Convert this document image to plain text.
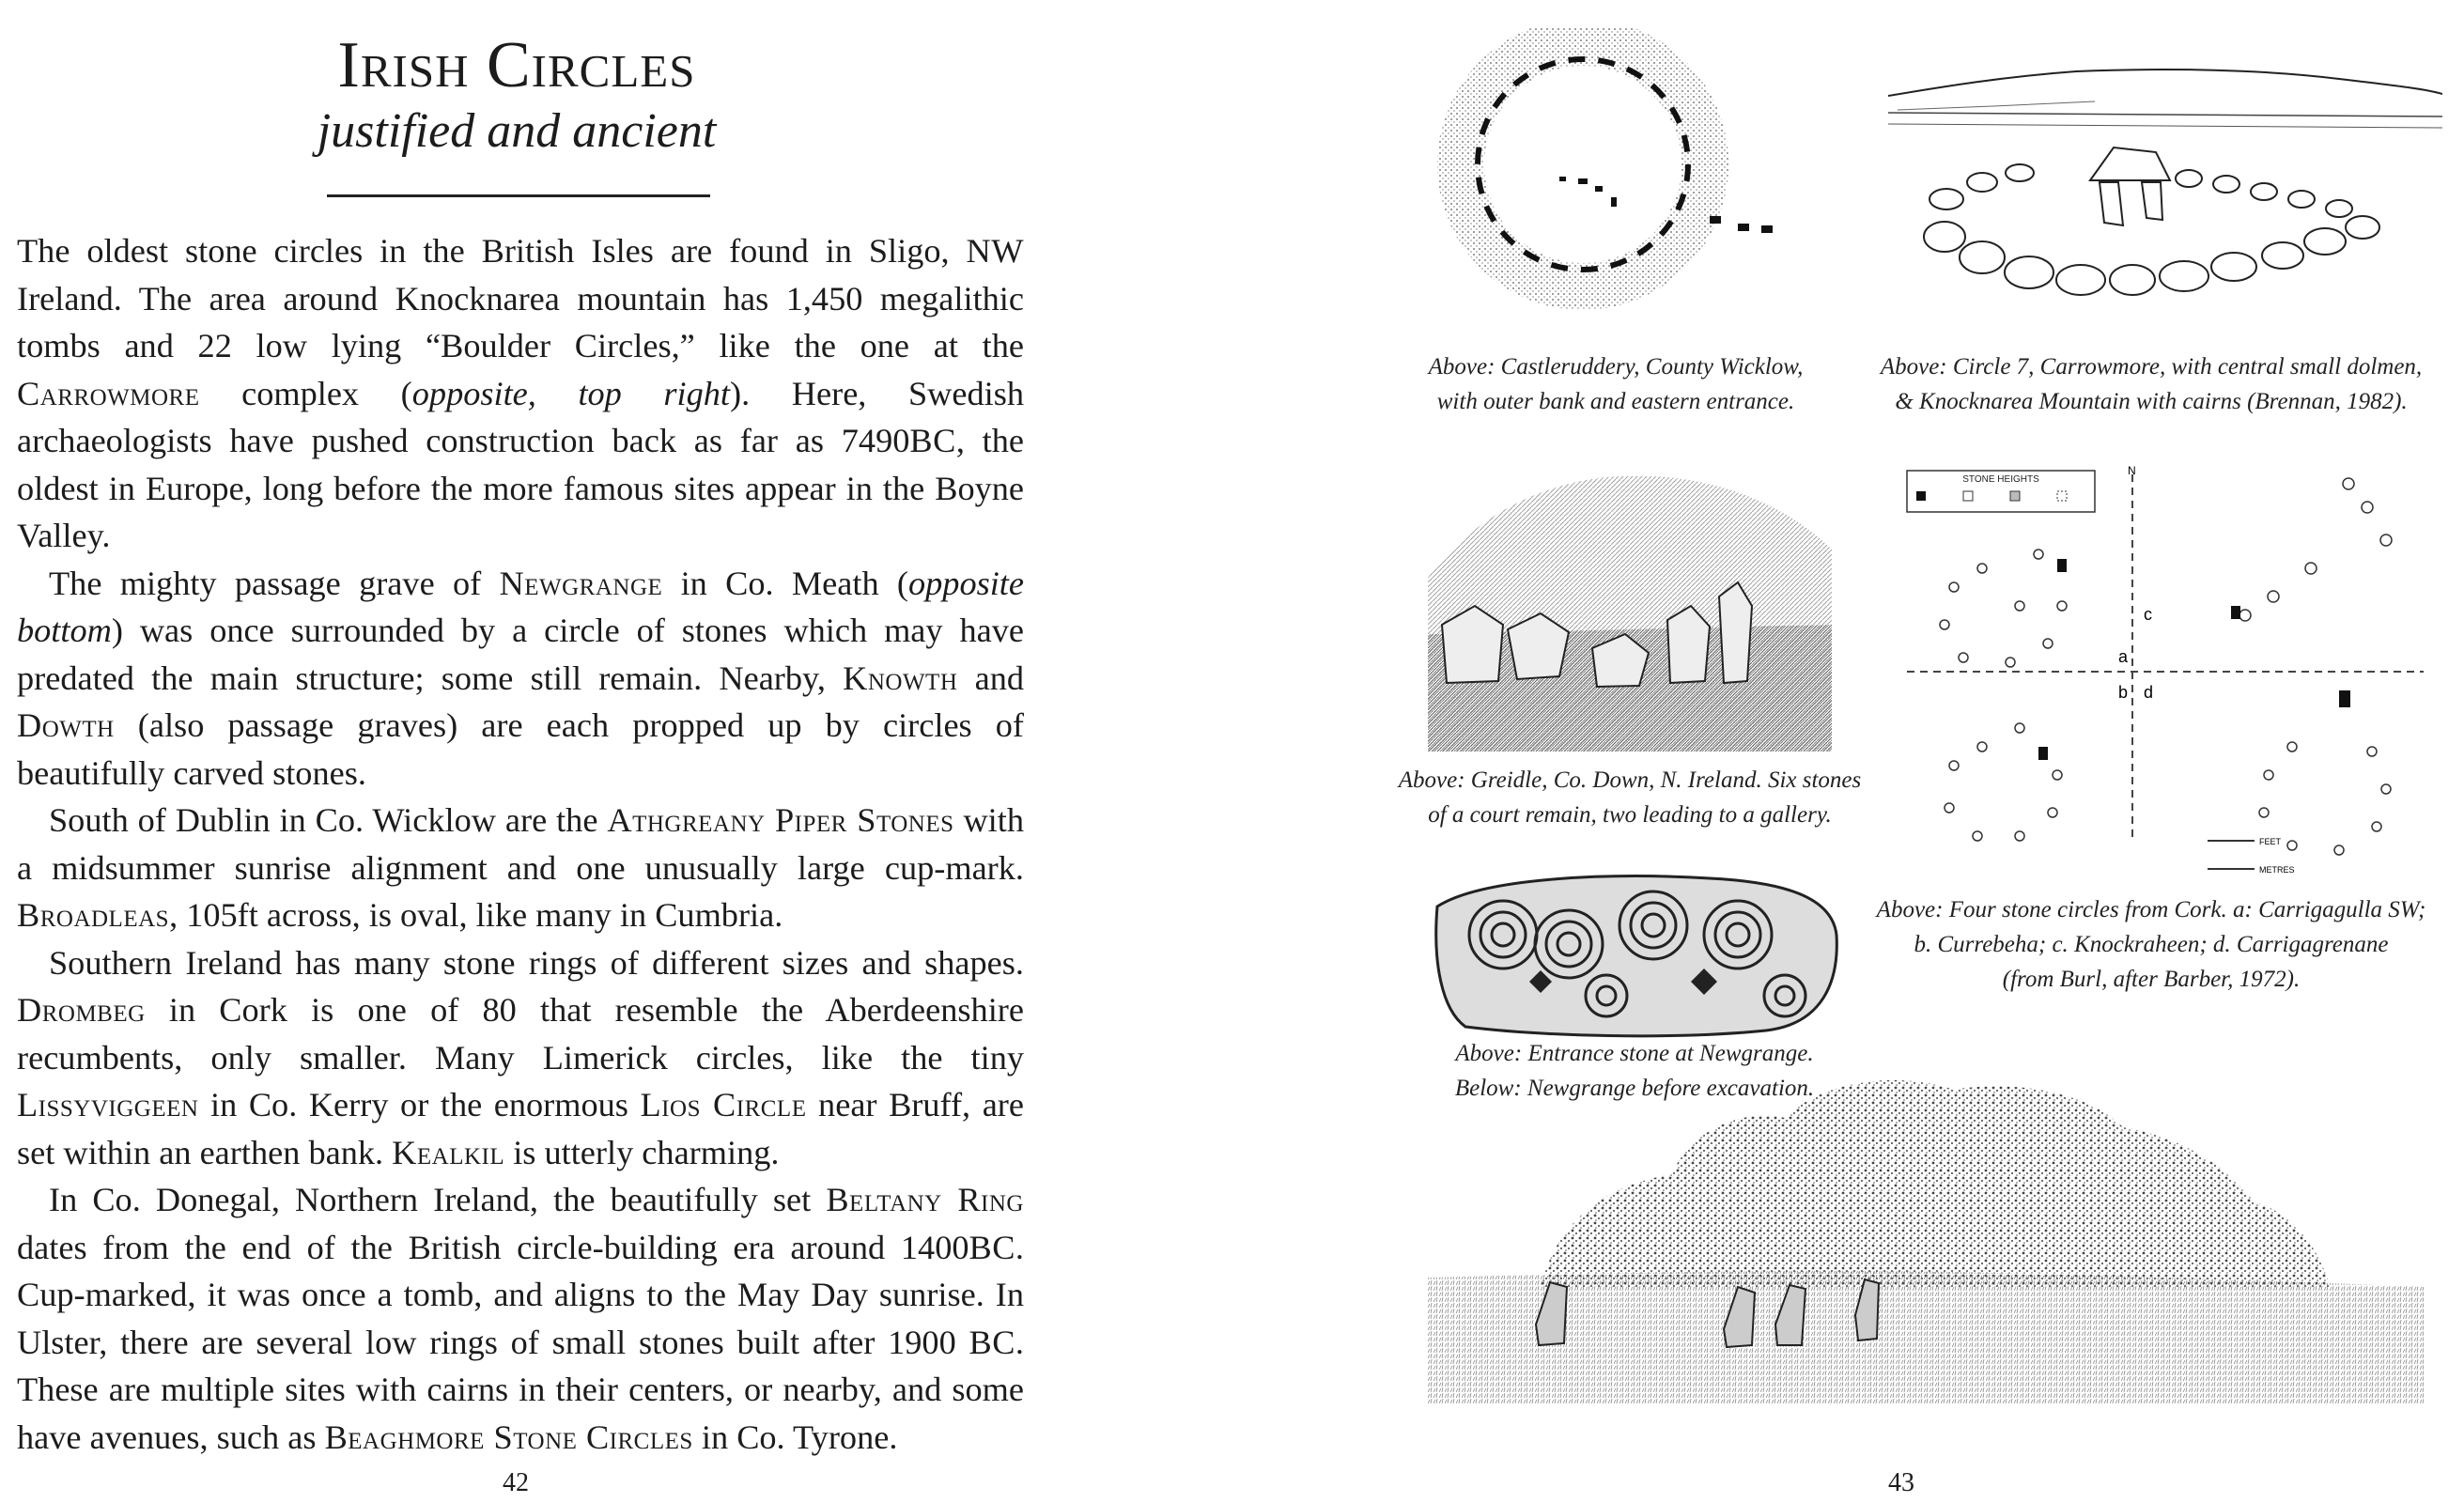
Irish Circles
justified and ancient

The oldest stone circles in the British Isles are found in Sligo, NW Ireland. The area around Knocknarea mountain has 1,450 megalithic tombs and 22 low lying “Boulder Circles,” like the one at the Carrowmore complex (opposite, top right). Here, Swedish archaeologists have pushed construction back as far as 7490BC, the oldest in Europe, long before the more famous sites appear in the Boyne Valley.

The mighty passage grave of Newgrange in Co. Meath (opposite bottom) was once surrounded by a circle of stones which may have predated the main structure; some still remain. Nearby, Knowth and Dowth (also passage graves) are each propped up by circles of beautifully carved stones.

South of Dublin in Co. Wicklow are the Athgreany Piper Stones with a midsummer sunrise alignment and one unusually large cup-mark. Broadleas, 105ft across, is oval, like many in Cumbria.

Southern Ireland has many stone rings of different sizes and shapes. Drombeg in Cork is one of 80 that resemble the Aberdeenshire recumbents, only smaller. Many Limerick circles, like the tiny Lissyviggeen in Co. Kerry or the enormous Lios Circle near Bruff, are set within an earthen bank. Kealkil is utterly charming.

In Co. Donegal, Northern Ireland, the beautifully set Beltany Ring dates from the end of the British circle-building era around 1400BC. Cup-marked, it was once a tomb, and aligns to the May Day sunrise. In Ulster, there are several low rings of small stones built after 1900 BC. These are multiple sites with cairns in their centers, or nearby, and some have avenues, such as Beaghmore Stone Circles in Co. Tyrone.

42
Above: Castleruddery, County Wicklow,
with outer bank and eastern entrance.
Above: Circle 7, Carrowmore, with central small dolmen,
& Knocknarea Mountain with cairns (Brennan, 1982).
Above: Greidle, Co. Down, N. Ireland. Six stones
of a court remain, two leading to a gallery.
STONE HEIGHTS
N
a
b
c
d
FEET
METRES
Above: Four stone circles from Cork. a: Carrigagulla SW;
b. Currebeha; c. Knockraheen; d. Carrigagrenane
(from Burl, after Barber, 1972).
Above: Entrance stone at Newgrange.
Below: Newgrange before excavation.
43
